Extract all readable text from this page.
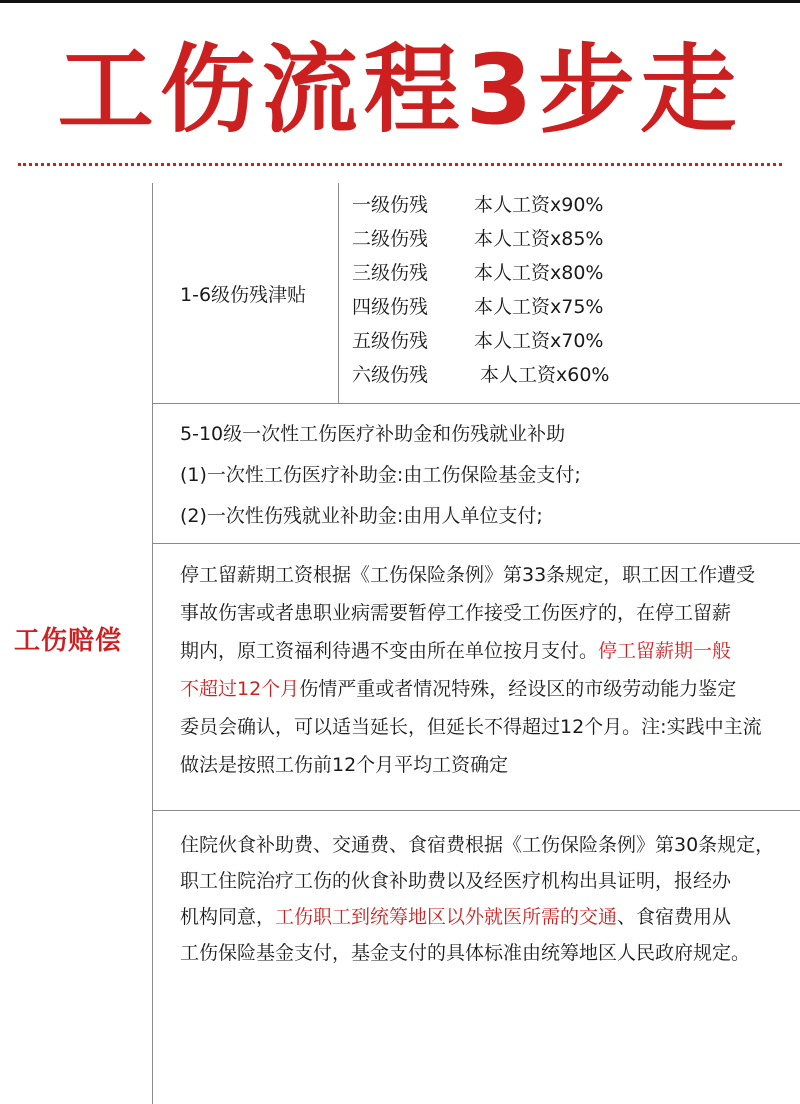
工伤流程3步走
工伤赔偿
1-6级伤残津贴
一级伤残 本人工资x90%
二级伤残 本人工资x85%
三级伤残 本人工资x80%
四级伤残 本人工资x75%
五级伤残 本人工资x70%
六级伤残	本人工资x60%
5-10级一次性工伤医疗补助金和伤残就业补助
(1)一次性工伤医疗补助金:由工伤保险基金支付;
(2)一次性伤残就业补助金:由用人单位支付;
停工留薪期工资根据《工伤保险条例》第33条规定，职工因工作遭受
事故伤害或者患职业病需要暂停工作接受工伤医疗的，在停工留薪
期内，原工资福利待遇不变由所在单位按月支付。停工留薪期一般
不超过12个月伤情严重或者情况特殊，经设区的市级劳动能力鉴定
委员会确认，可以适当延长，但延长不得超过12个月。注:实践中主流
做法是按照工伤前12个月平均工资确定
住院伙食补助费、交通费、食宿费根据《工伤保险条例》第30条规定，
职工住院治疗工伤的伙食补助费以及经医疗机构出具证明，报经办
机构同意，工伤职工到统筹地区以外就医所需的交通、食宿费用从
工伤保险基金支付，基金支付的具体标准由统筹地区人民政府规定。
